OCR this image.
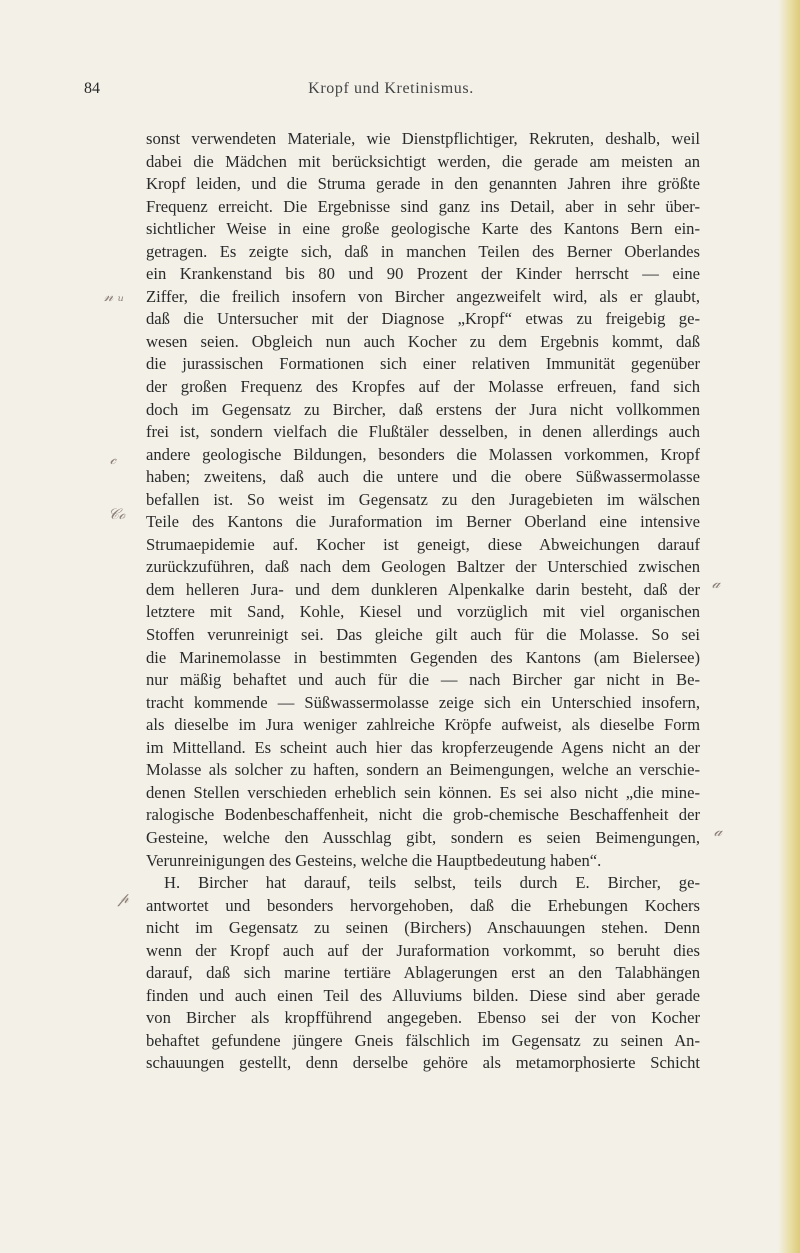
84	Kropf und Kretinismus.
𝓃 ᵤ
𝒸
𝒞ℴ
𝒶
𝒶
𝓅
sonst verwendeten Materiale, wie Dienstpflichtiger, Rekruten, deshalb, weil
dabei die Mädchen mit berücksichtigt werden, die gerade am meisten an
Kropf leiden, und die Struma gerade in den genannten Jahren ihre größte
Frequenz erreicht. Die Ergebnisse sind ganz ins Detail, aber in sehr über-
sichtlicher Weise in eine große geologische Karte des Kantons Bern ein-
getragen. Es zeigte sich, daß in manchen Teilen des Berner Oberlandes
ein Krankenstand bis 80 und 90 Prozent der Kinder herrscht — eine
Ziffer, die freilich insofern von Bircher angezweifelt wird, als er glaubt,
daß die Untersucher mit der Diagnose „Kropf“ etwas zu freigebig ge-
wesen seien. Obgleich nun auch Kocher zu dem Ergebnis kommt, daß
die jurassischen Formationen sich einer relativen Immunität gegenüber
der großen Frequenz des Kropfes auf der Molasse erfreuen, fand sich
doch im Gegensatz zu Bircher, daß erstens der Jura nicht vollkommen
frei ist, sondern vielfach die Flußtäler desselben, in denen allerdings auch
andere geologische Bildungen, besonders die Molassen vorkommen, Kropf
haben; zweitens, daß auch die untere und die obere Süßwassermolasse
befallen ist. So weist im Gegensatz zu den Juragebieten im wälschen
Teile des Kantons die Juraformation im Berner Oberland eine intensive
Strumaepidemie auf. Kocher ist geneigt, diese Abweichungen darauf
zurückzuführen, daß nach dem Geologen Baltzer der Unterschied zwischen
dem helleren Jura- und dem dunkleren Alpenkalke darin besteht, daß der
letztere mit Sand, Kohle, Kiesel und vorzüglich mit viel organischen
Stoffen verunreinigt sei. Das gleiche gilt auch für die Molasse. So sei
die Marinemolasse in bestimmten Gegenden des Kantons (am Bielersee)
nur mäßig behaftet und auch für die — nach Bircher gar nicht in Be-
tracht kommende — Süßwassermolasse zeige sich ein Unterschied insofern,
als dieselbe im Jura weniger zahlreiche Kröpfe aufweist, als dieselbe Form
im Mittelland. Es scheint auch hier das kropferzeugende Agens nicht an der
Molasse als solcher zu haften, sondern an Beimengungen, welche an verschie-
denen Stellen verschieden erheblich sein können. Es sei also nicht „die mine-
ralogische Bodenbeschaffenheit, nicht die grob-chemische Beschaffenheit der
Gesteine, welche den Ausschlag gibt, sondern es seien Beimengungen,
Verunreinigungen des Gesteins, welche die Hauptbedeutung haben“.
H. Bircher hat darauf, teils selbst, teils durch E. Bircher, ge-
antwortet und besonders hervorgehoben, daß die Erhebungen Kochers
nicht im Gegensatz zu seinen (Birchers) Anschauungen stehen. Denn
wenn der Kropf auch auf der Juraformation vorkommt, so beruht dies
darauf, daß sich marine tertiäre Ablagerungen erst an den Talabhängen
finden und auch einen Teil des Alluviums bilden. Diese sind aber gerade
von Bircher als kropfführend angegeben. Ebenso sei der von Kocher
behaftet gefundene jüngere Gneis fälschlich im Gegensatz zu seinen An-
schauungen gestellt, denn derselbe gehöre als metamorphosierte Schicht
